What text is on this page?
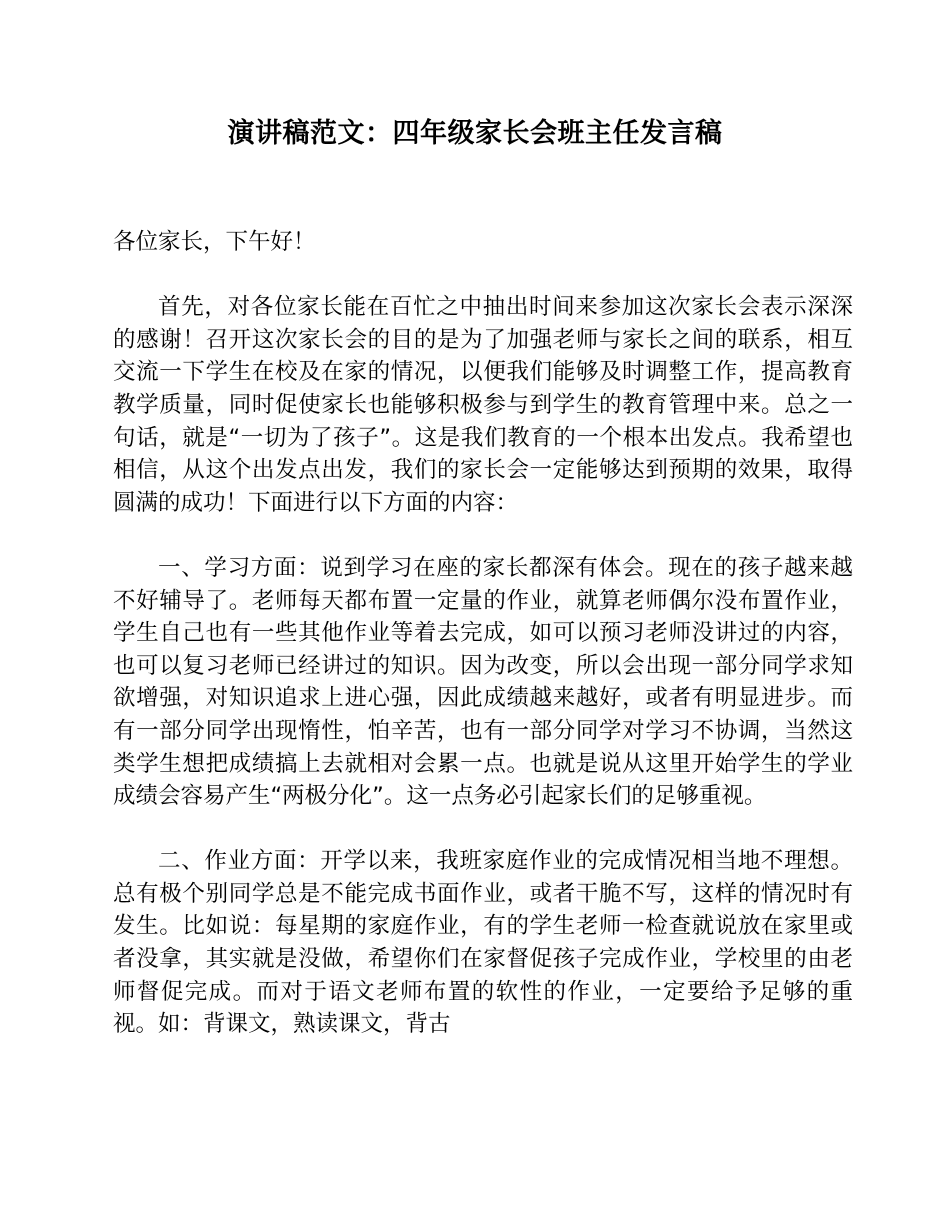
演讲稿范文：四年级家长会班主任发言稿

各位家长，下午好！

首先，对各位家长能在百忙之中抽出时间来参加这次家长会表示深深的感谢！召开这次家长会的目的是为了加强老师与家长之间的联系，相互交流一下学生在校及在家的情况，以便我们能够及时调整工作，提高教育教学质量，同时促使家长也能够积极参与到学生的教育管理中来。总之一句话，就是“一切为了孩子”。这是我们教育的一个根本出发点。我希望也相信，从这个出发点出发，我们的家长会一定能够达到预期的效果，取得圆满的成功！下面进行以下方面的内容：

一、学习方面：说到学习在座的家长都深有体会。现在的孩子越来越不好辅导了。老师每天都布置一定量的作业，就算老师偶尔没布置作业，学生自己也有一些其他作业等着去完成，如可以预习老师没讲过的内容，也可以复习老师已经讲过的知识。因为改变，所以会出现一部分同学求知欲增强，对知识追求上进心强，因此成绩越来越好，或者有明显进步。而有一部分同学出现惰性，怕辛苦，也有一部分同学对学习不协调，当然这类学生想把成绩搞上去就相对会累一点。也就是说从这里开始学生的学业成绩会容易产生“两极分化”。这一点务必引起家长们的足够重视。

二、作业方面：开学以来，我班家庭作业的完成情况相当地不理想。总有极个别同学总是不能完成书面作业，或者干脆不写，这样的情况时有发生。比如说：每星期的家庭作业，有的学生老师一检查就说放在家里或者没拿，其实就是没做，希望你们在家督促孩子完成作业，学校里的由老师督促完成。而对于语文老师布置的软性的作业，一定要给予足够的重视。如：背课文，熟读课文，背古
